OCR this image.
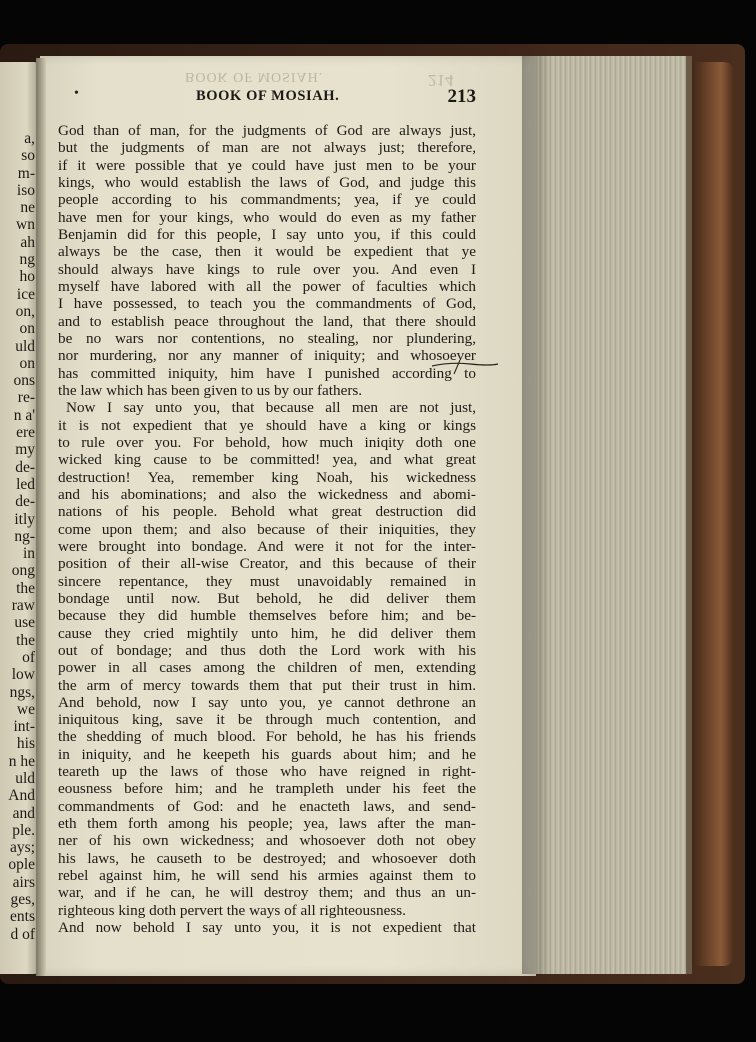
a,
so
m-
iso
ne
wn
ah
ng
ho
ice
on,
on
uld
on
ons
re-
n a'
ere
my
de-
led
de-
itly
ng-
in
ong
the
raw
use
the
of
low
ngs,
we
int-
his
n he
uld
And
and
ple.
ays;
ople
airs
ges,
ents
d of
BOOK OF MOSIAH.	214
•	BOOK OF MOSIAH.	213
God than of man, for the judgments of God are always just,
but the judgments of man are not always just; therefore,
if it were possible that ye could have just men to be your
kings, who would establish the laws of God, and judge this
people according to his commandments; yea, if ye could
have men for your kings, who would do even as my father
Benjamin did for this people, I say unto you, if this could
always be the case, then it would be expedient that ye
should always have kings to rule over you. And even I
myself have labored with all the power of faculties which
I have possessed, to teach you the commandments of God,
and to establish peace throughout the land, that there should
be no wars nor contentions, no stealing, nor plundering,
nor murdering, nor any manner of iniquity; and whosoever
has committed iniquity, him have I punished according to
the law which has been given to us by our fathers.
Now I say unto you, that because all men are not just,
it is not expedient that ye should have a king or kings
to rule over you. For behold, how much iniqity doth one
wicked king cause to be committed! yea, and what great
destruction! Yea, remember king Noah, his wickedness
and his abominations; and also the wickedness and abomi-
nations of his people. Behold what great destruction did
come upon them; and also because of their iniquities, they
were brought into bondage. And were it not for the inter-
position of their all-wise Creator, and this because of their
sincere repentance, they must unavoidably remained in
bondage until now. But behold, he did deliver them
because they did humble themselves before him; and be-
cause they cried mightily unto him, he did deliver them
out of bondage; and thus doth the Lord work with his
power in all cases among the children of men, extending
the arm of mercy towards them that put their trust in him.
And behold, now I say unto you, ye cannot dethrone an
iniquitous king, save it be through much contention, and
the shedding of much blood. For behold, he has his friends
in iniquity, and he keepeth his guards about him; and he
teareth up the laws of those who have reigned in right-
eousness before him; and he trampleth under his feet the
commandments of God: and he enacteth laws, and send-
eth them forth among his people; yea, laws after the man-
ner of his own wickedness; and whosoever doth not obey
his laws, he causeth to be destroyed; and whosoever doth
rebel against him, he will send his armies against them to
war, and if he can, he will destroy them; and thus an un-
righteous king doth pervert the ways of all righteousness.
And now behold I say unto you, it is not expedient that
